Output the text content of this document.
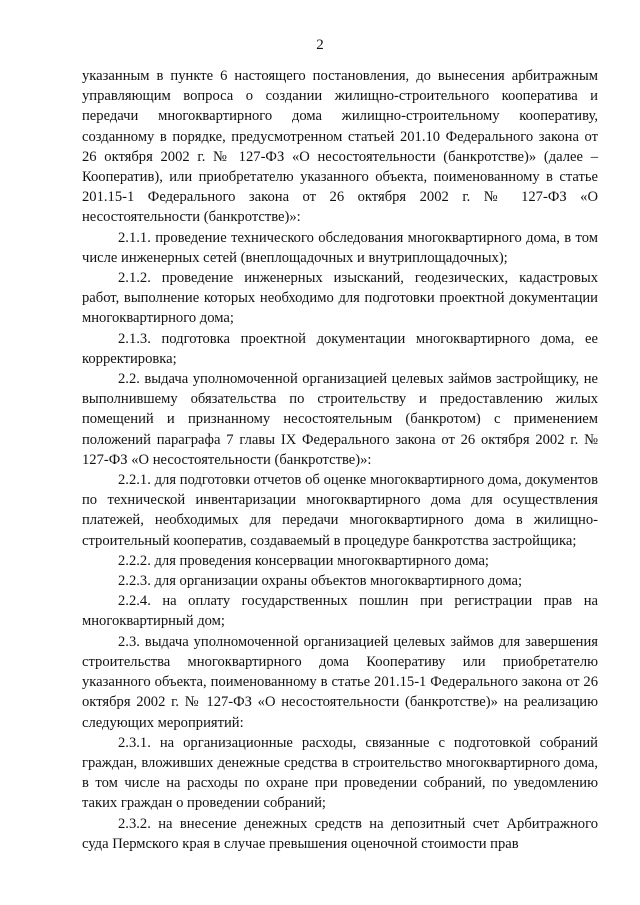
2

указанным в пункте 6 настоящего постановления, до вынесения арбитражным управляющим вопроса о создании жилищно-строительного кооператива и передачи многоквартирного дома жилищно-строительному кооперативу, созданному в порядке, предусмотренном статьей 201.10 Федерального закона от 26 октября 2002 г. № 127-ФЗ «О несостоятельности (банкротстве)» (далее – Кооператив), или приобретателю указанного объекта, поименованному в статье 201.15-1 Федерального закона от 26 октября 2002 г. № 127-ФЗ «О несостоятельности (банкротстве)»:

2.1.1. проведение технического обследования многоквартирного дома, в том числе инженерных сетей (внеплощадочных и внутриплощадочных);

2.1.2. проведение инженерных изысканий, геодезических, кадастровых работ, выполнение которых необходимо для подготовки проектной документации многоквартирного дома;

2.1.3. подготовка проектной документации многоквартирного дома, ее корректировка;

2.2. выдача уполномоченной организацией целевых займов застройщику, не выполнившему обязательства по строительству и предоставлению жилых помещений и признанному несостоятельным (банкротом) с применением положений параграфа 7 главы IX Федерального закона от 26 октября 2002 г. № 127-ФЗ «О несостоятельности (банкротстве)»:

2.2.1. для подготовки отчетов об оценке многоквартирного дома, документов по технической инвентаризации многоквартирного дома для осуществления платежей, необходимых для передачи многоквартирного дома в жилищно-строительный кооператив, создаваемый в процедуре банкротства застройщика;

2.2.2. для проведения консервации многоквартирного дома;

2.2.3. для организации охраны объектов многоквартирного дома;

2.2.4. на оплату государственных пошлин при регистрации прав на многоквартирный дом;

2.3. выдача уполномоченной организацией целевых займов для завершения строительства многоквартирного дома Кооперативу или приобретателю указанного объекта, поименованному в статье 201.15-1 Федерального закона от 26 октября 2002 г. № 127-ФЗ «О несостоятельности (банкротстве)» на реализацию следующих мероприятий:

2.3.1. на организационные расходы, связанные с подготовкой собраний граждан, вложивших денежные средства в строительство многоквартирного дома, в том числе на расходы по охране при проведении собраний, по уведомлению таких граждан о проведении собраний;

2.3.2. на внесение денежных средств на депозитный счет Арбитражного суда Пермского края в случае превышения оценочной стоимости прав
